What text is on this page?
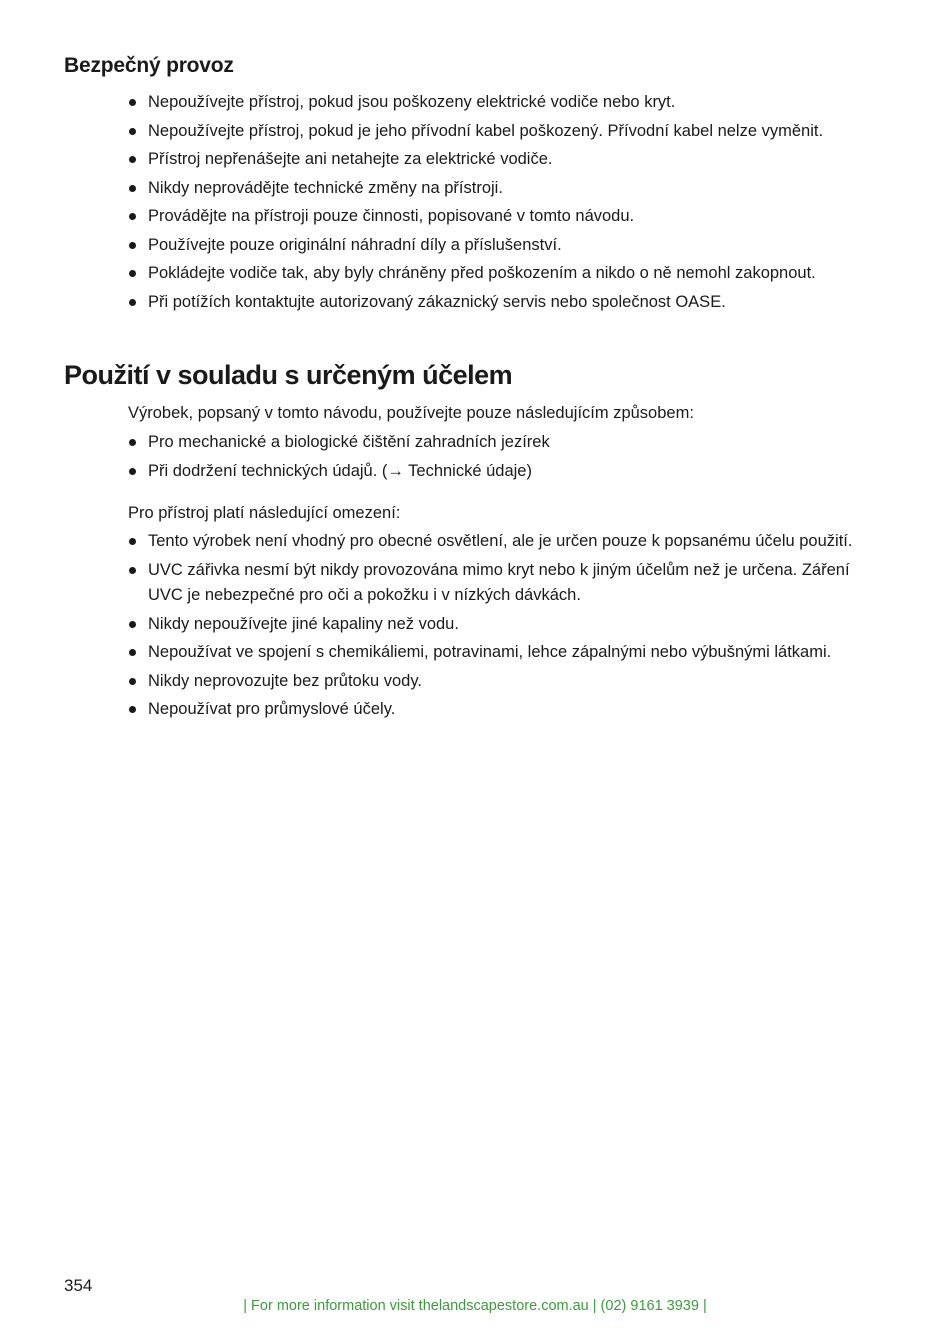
Bezpečný provoz
Nepoužívejte přístroj, pokud jsou poškozeny elektrické vodiče nebo kryt.
Nepoužívejte přístroj, pokud je jeho přívodní kabel poškozený. Přívodní kabel nelze vyměnit.
Přístroj nepřenášejte ani netahejte za elektrické vodiče.
Nikdy neprovádějte technické změny na přístroji.
Provádějte na přístroji pouze činnosti, popisované v tomto návodu.
Používejte pouze originální náhradní díly a příslušenství.
Pokládejte vodiče tak, aby byly chráněny před poškozením a nikdo o ně nemohl zakopnout.
Při potížích kontaktujte autorizovaný zákaznický servis nebo společnost OASE.
Použití v souladu s určeným účelem

Výrobek, popsaný v tomto návodu, používejte pouze následujícím způsobem:

Pro mechanické a biologické čištění zahradních jezírek
Při dodržení technických údajů. (→ Technické údaje)

Pro přístroj platí následující omezení:

Tento výrobek není vhodný pro obecné osvětlení, ale je určen pouze k popsanému účelu použití.
UVC zářivka nesmí být nikdy provozována mimo kryt nebo k jiným účelům než je určena. Záření UVC je nebezpečné pro oči a pokožku i v nízkých dávkách.
Nikdy nepoužívejte jiné kapaliny než vodu.
Nepoužívat ve spojení s chemikáliemi, potravinami, lehce zápalnými nebo výbušnými látkami.
Nikdy neprovozujte bez průtoku vody.
Nepoužívat pro průmyslové účely.
354
| For more information visit thelandscapestore.com.au | (02) 9161 3939 |
